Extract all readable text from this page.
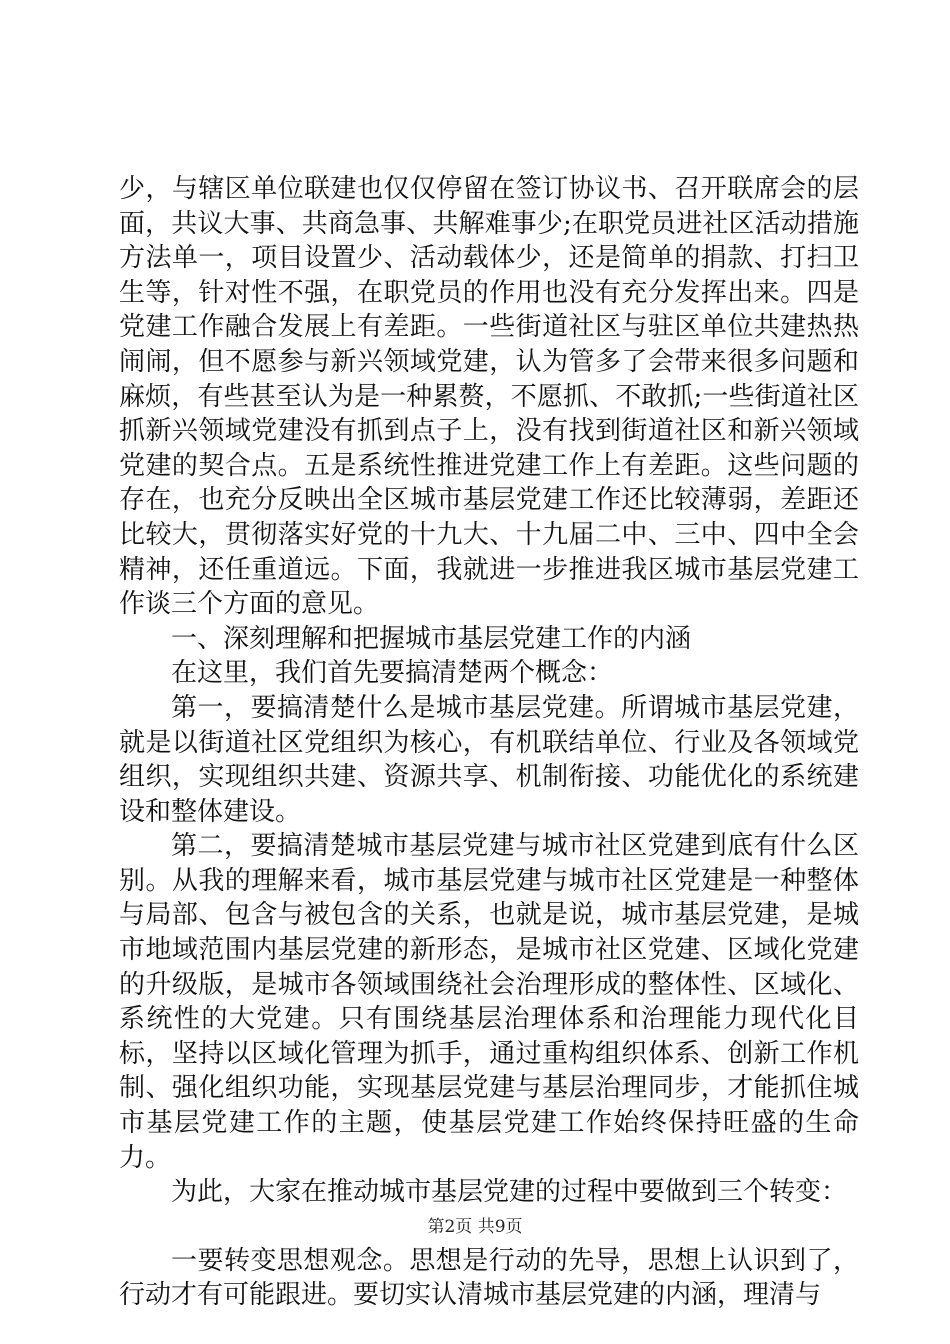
少，与辖区单位联建也仅仅停留在签订协议书、召开联席会的层面，共议大事、共商急事、共解难事少;在职党员进社区活动措施方法单一，项目设置少、活动载体少，还是简单的捐款、打扫卫生等，针对性不强，在职党员的作用也没有充分发挥出来。四是党建工作融合发展上有差距。一些街道社区与驻区单位共建热热闹闹，但不愿参与新兴领域党建，认为管多了会带来很多问题和麻烦，有些甚至认为是一种累赘，不愿抓、不敢抓;一些街道社区抓新兴领域党建没有抓到点子上，没有找到街道社区和新兴领域党建的契合点。五是系统性推进党建工作上有差距。这些问题的存在，也充分反映出全区城市基层党建工作还比较薄弱，差距还比较大，贯彻落实好党的十九大、十九届二中、三中、四中全会精神，还任重道远。下面，我就进一步推进我区城市基层党建工作谈三个方面的意见。

一、深刻理解和把握城市基层党建工作的内涵

在这里，我们首先要搞清楚两个概念：

第一，要搞清楚什么是城市基层党建。所谓城市基层党建，就是以街道社区党组织为核心，有机联结单位、行业及各领域党组织，实现组织共建、资源共享、机制衔接、功能优化的系统建设和整体建设。

第二，要搞清楚城市基层党建与城市社区党建到底有什么区别。从我的理解来看，城市基层党建与城市社区党建是一种整体与局部、包含与被包含的关系，也就是说，城市基层党建，是城市地域范围内基层党建的新形态，是城市社区党建、区域化党建的升级版，是城市各领域围绕社会治理形成的整体性、区域化、系统性的大党建。只有围绕基层治理体系和治理能力现代化目标，坚持以区域化管理为抓手，通过重构组织体系、创新工作机制、强化组织功能，实现基层党建与基层治理同步，才能抓住城市基层党建工作的主题，使基层党建工作始终保持旺盛的生命力。

为此，大家在推动城市基层党建的过程中要做到三个转变：

一要转变思想观念。思想是行动的先导，思想上认识到了，行动才有可能跟进。要切实认清城市基层党建的内涵，理清与

第2页 共9页
